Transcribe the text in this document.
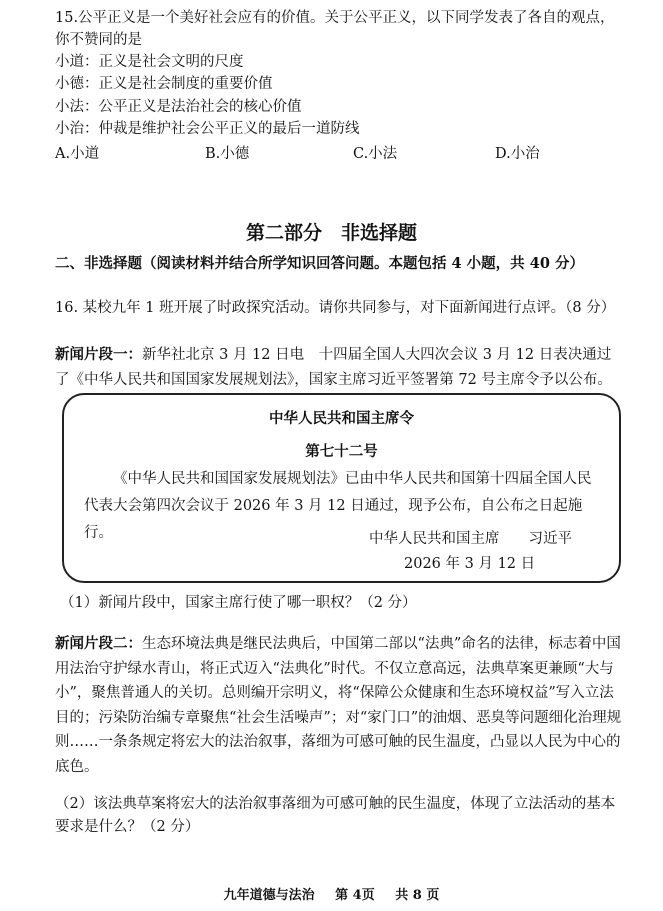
15.公平正义是一个美好社会应有的价值。关于公平正义，以下同学发表了各自的观点，
你不赞同的是
小道：正义是社会文明的尺度
小德：正义是社会制度的重要价值
小法：公平正义是法治社会的核心价值
小治：仲裁是维护社会公平正义的最后一道防线
A.小道	B.小德	C.小法	D.小治
第二部分　非选择题
二、非选择题（阅读材料并结合所学知识回答问题。本题包括 4 小题，共 40 分）
16. 某校九年 1 班开展了时政探究活动。请你共同参与，对下面新闻进行点评。（8 分）
新闻片段一：新华社北京 3 月 12 日电　十四届全国人大四次会议 3 月 12 日表决通过了《中华人民共和国国家发展规划法》，国家主席习近平签署第 72 号主席令予以公布。
中华人民共和国主席令
第七十二号
《中华人民共和国国家发展规划法》已由中华人民共和国第十四届全国人民代表大会第四次会议于 2026 年 3 月 12 日通过，现予公布，自公布之日起施行。	中华人民共和国主席　　习近平
2026 年 3 月 12 日
（1）新闻片段中，国家主席行使了哪一职权？（2 分）
新闻片段二：生态环境法典是继民法典后，中国第二部以“法典”命名的法律，标志着中国用法治守护绿水青山，将正式迈入“法典化”时代。不仅立意高远，法典草案更兼顾“大与小”，聚焦普通人的关切。总则编开宗明义，将“保障公众健康和生态环境权益”写入立法目的；污染防治编专章聚焦“社会生活噪声”；对“家门口”的油烟、恶臭等问题细化治理规则……一条条规定将宏大的法治叙事，落细为可感可触的民生温度，凸显以人民为中心的底色。
（2）该法典草案将宏大的法治叙事落细为可感可触的民生温度，体现了立法活动的基本要求是什么？（2 分）
九年道德与法治 第 4页 共 8 页
